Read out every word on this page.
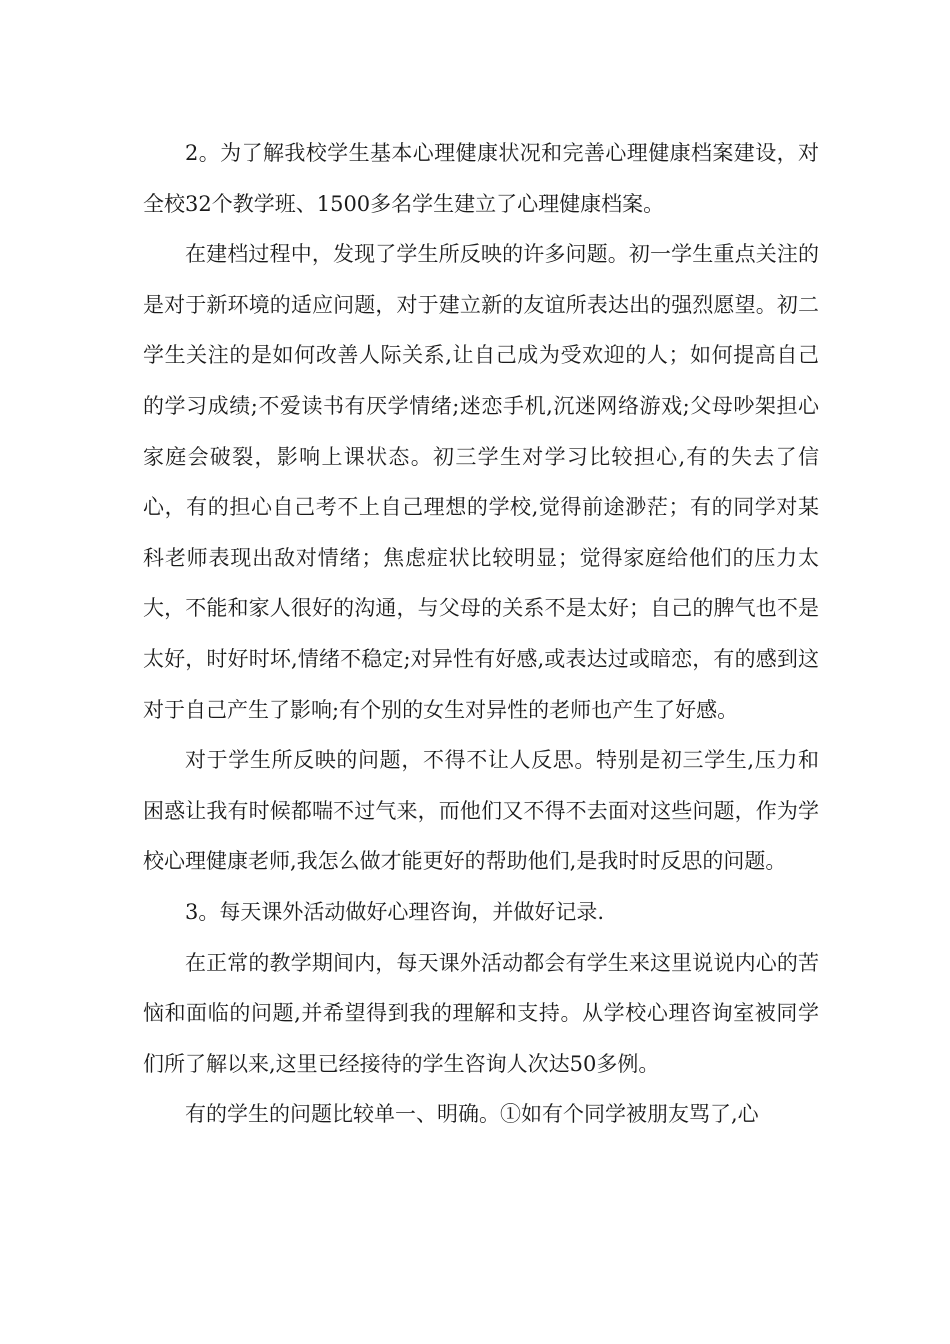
2。为了解我校学生基本心理健康状况和完善心理健康档案建设，对全校32个教学班、1500多名学生建立了心理健康档案。

在建档过程中，发现了学生所反映的许多问题。初一学生重点关注的是对于新环境的适应问题，对于建立新的友谊所表达出的强烈愿望。初二学生关注的是如何改善人际关系,让自己成为受欢迎的人；如何提高自己的学习成绩;不爱读书有厌学情绪;迷恋手机,沉迷网络游戏;父母吵架担心家庭会破裂，影响上课状态。初三学生对学习比较担心,有的失去了信心，有的担心自己考不上自己理想的学校,觉得前途渺茫；有的同学对某科老师表现出敌对情绪；焦虑症状比较明显；觉得家庭给他们的压力太大，不能和家人很好的沟通，与父母的关系不是太好；自己的脾气也不是太好，时好时坏,情绪不稳定;对异性有好感,或表达过或暗恋，有的感到这对于自己产生了影响;有个别的女生对异性的老师也产生了好感。

对于学生所反映的问题，不得不让人反思。特别是初三学生,压力和困惑让我有时候都喘不过气来，而他们又不得不去面对这些问题，作为学校心理健康老师,我怎么做才能更好的帮助他们,是我时时反思的问题。

3。每天课外活动做好心理咨询，并做好记录.

在正常的教学期间内，每天课外活动都会有学生来这里说说内心的苦恼和面临的问题,并希望得到我的理解和支持。从学校心理咨询室被同学们所了解以来,这里已经接待的学生咨询人次达50多例。

有的学生的问题比较单一、明确。①如有个同学被朋友骂了,心
